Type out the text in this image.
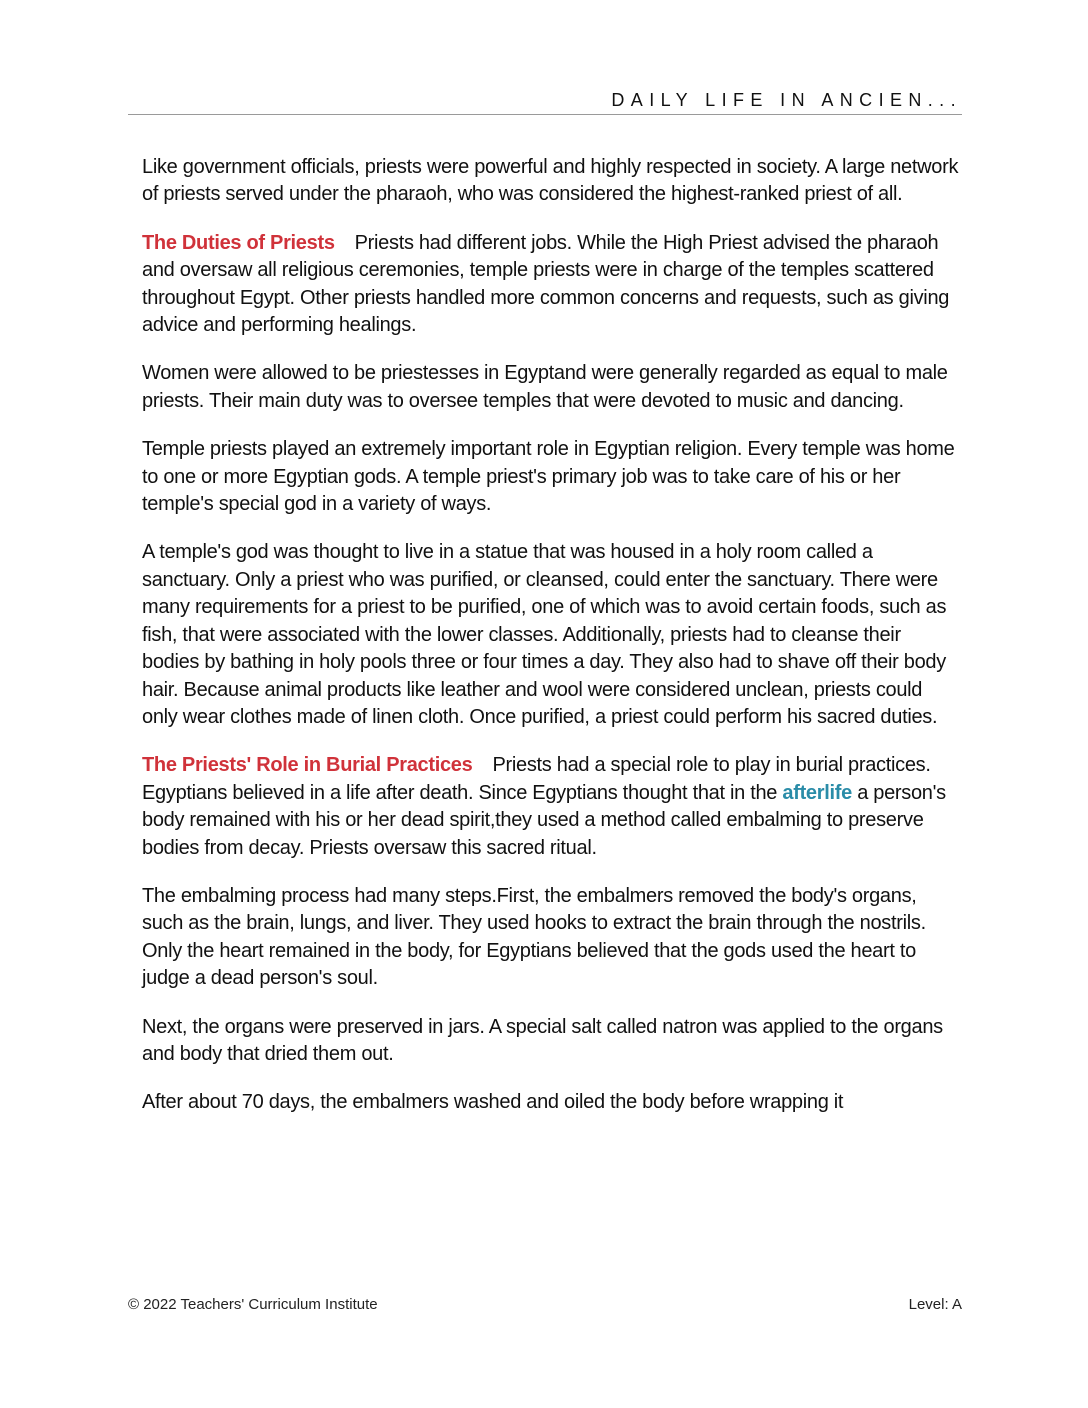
DAILY LIFE IN ANCIEN...

Like government officials, priests were powerful and highly respected in society. A large network of priests served under the pharaoh, who was considered the highest-ranked priest of all.

The Duties of Priests Priests had different jobs. While the High Priest advised the pharaoh and oversaw all religious ceremonies, temple priests were in charge of the temples scattered throughout Egypt. Other priests handled more common concerns and requests, such as giving advice and performing healings.

Women were allowed to be priestesses in Egyptand were generally regarded as equal to male priests. Their main duty was to oversee temples that were devoted to music and dancing.

Temple priests played an extremely important role in Egyptian religion. Every temple was home to one or more Egyptian gods. A temple priest's primary job was to take care of his or her temple's special god in a variety of ways.

A temple's god was thought to live in a statue that was housed in a holy room called a sanctuary. Only a priest who was purified, or cleansed, could enter the sanctuary. There were many requirements for a priest to be purified, one of which was to avoid certain foods, such as fish, that were associated with the lower classes. Additionally, priests had to cleanse their bodies by bathing in holy pools three or four times a day. They also had to shave off their body hair. Because animal products like leather and wool were considered unclean, priests could only wear clothes made of linen cloth. Once purified, a priest could perform his sacred duties.

The Priests' Role in Burial Practices Priests had a special role to play in burial practices. Egyptians believed in a life after death. Since Egyptians thought that in the afterlife a person's body remained with his or her dead spirit,they used a method called embalming to preserve bodies from decay. Priests oversaw this sacred ritual.

The embalming process had many steps.First, the embalmers removed the body's organs, such as the brain, lungs, and liver. They used hooks to extract the brain through the nostrils. Only the heart remained in the body, for Egyptians believed that the gods used the heart to judge a dead person's soul.

Next, the organs were preserved in jars. A special salt called natron was applied to the organs and body that dried them out.

After about 70 days, the embalmers washed and oiled the body before wrapping it

© 2022 Teachers' Curriculum Institute	Level: A
